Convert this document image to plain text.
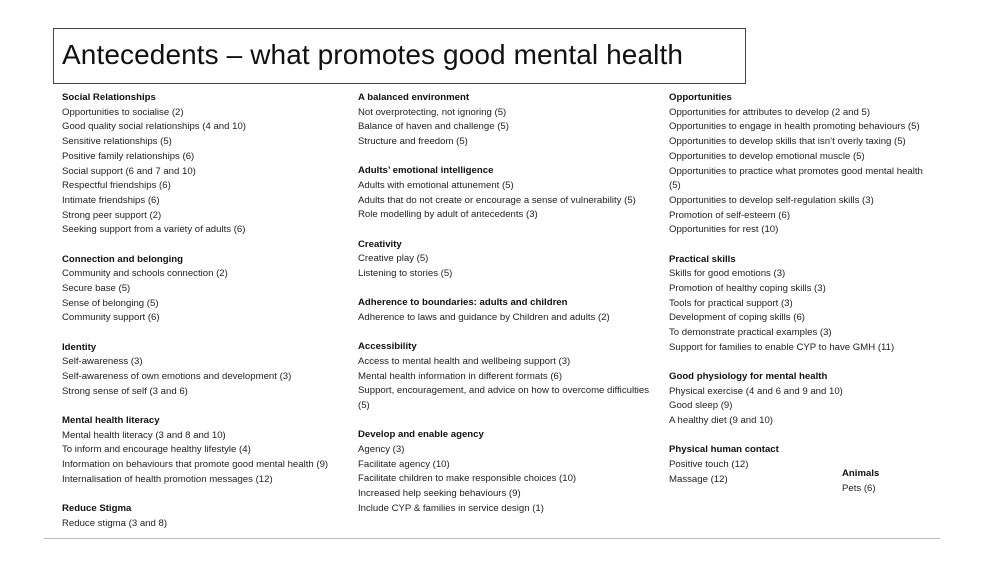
Antecedents – what promotes good mental health
Social Relationships
Opportunities to socialise (2)
Good quality social relationships (4 and 10)
Sensitive relationships (5)
Positive family relationships (6)
Social support (6 and 7 and 10)
Respectful friendships (6)
Intimate friendships (6)
Strong peer support (2)
Seeking support from a variety of adults (6)
Connection and belonging
Community and schools connection (2)
Secure base (5)
Sense of belonging (5)
Community support (6)
Identity
Self-awareness (3)
Self-awareness of own emotions and development (3)
Strong sense of self (3 and 6)
Mental health literacy
Mental health literacy (3 and 8 and 10)
To inform and encourage healthy lifestyle (4)
Information on behaviours that promote good mental health (9)
Internalisation of health promotion messages (12)
Reduce Stigma
Reduce stigma (3 and 8)
A balanced environment
Not overprotecting, not ignoring (5)
Balance of haven and challenge (5)
Structure and freedom (5)
Adults’ emotional intelligence
Adults with emotional attunement (5)
Adults that do not create or encourage a sense of vulnerability (5)
Role modelling by adult of antecedents (3)
Creativity
Creative play (5)
Listening to stories (5)
Adherence to boundaries: adults and children
Adherence to laws and guidance by Children and adults (2)
Accessibility
Access to mental health and wellbeing support (3)
Mental health information in different formats (6)
Support, encouragement, and advice on how to overcome difficulties (5)
Develop and enable agency
Agency (3)
Facilitate agency (10)
Facilitate children to make responsible choices (10)
Increased help seeking behaviours (9)
Include CYP & families in service design (1)
Opportunities
Opportunities for attributes to develop (2 and 5)
Opportunities to engage in health promoting behaviours (5)
Opportunities to develop skills that isn’t overly taxing (5)
Opportunities to develop emotional muscle (5)
Opportunities to practice what promotes good mental health (5)
Opportunities to develop self-regulation skills (3)
Promotion of self-esteem (6)
Opportunities for rest (10)
Practical skills
Skills for good emotions (3)
Promotion of healthy coping skills (3)
Tools for practical support (3)
Development of coping skills (6)
To demonstrate practical examples (3)
Support for families to enable CYP to have GMH (11)
Good physiology for mental health
Physical exercise (4 and 6 and 9 and 10)
Good sleep (9)
A healthy diet (9 and 10)
Physical human contact
Positive touch (12)
Massage (12)
Animals
Pets (6)
